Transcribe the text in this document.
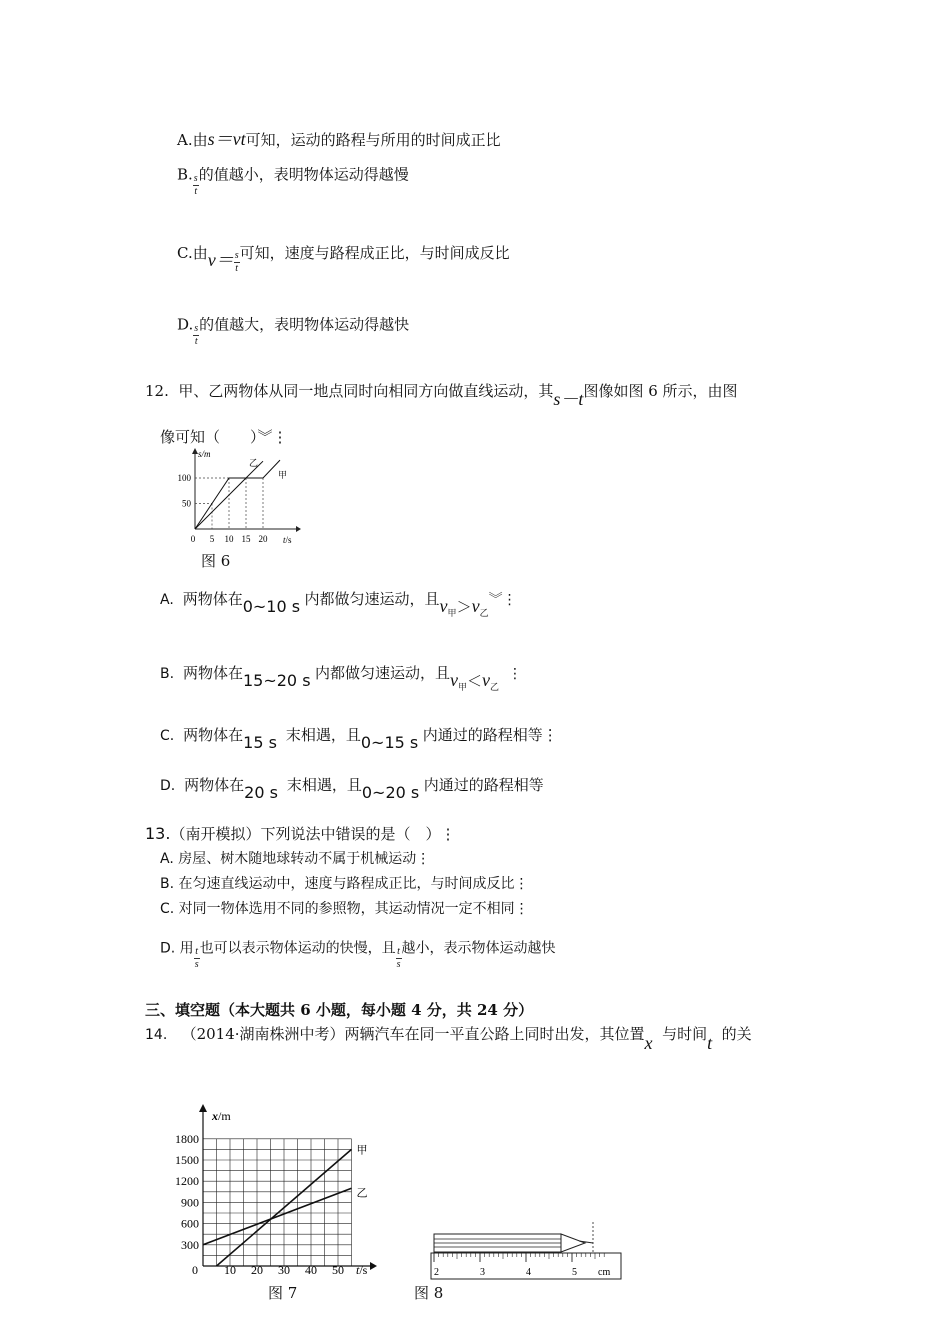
A.由s＝vt可知，运动的路程与所用的时间成正比
B. $\frac{s}{t}$ 的值越小，表明物体运动得越慢
C.由$v= \frac{s}{t}$ 可知，速度与路程成正比，与时间成反比
D. $\frac{s}{t}$ 的值越大，表明物体运动得越快
12. 甲、乙两物体从同一地点同时向相同方向做直线运动，其s－t图像如图 6 所示，由图
像可知（　　）︾⋮
s/m
t/s
100
50
0 5 10 15 20
甲
乙
图 6
A. 两物体在0~10 s 内都做匀速运动，且$v_甲>v_乙︾⋮$
B. 两物体在15~20 s 内都做匀速运动，且$v_甲<v_乙$  ⋮
C. 两物体在15 s 末相遇，且0~15 s 内通过的路程相等⋮
D. 两物体在20 s 末相遇，且0~20 s 内通过的路程相等
13.（南开模拟）下列说法中错误的是（　）⋮
A. 房屋、树木随地球转动不属于机械运动⋮
B. 在匀速直线运动中，速度与路程成正比，与时间成反比⋮
C. 对同一物体选用不同的参照物，其运动情况一定不相同⋮
D. 用 $\frac{t}{s}$ 也可以表示物体运动的快慢，且 $\frac{t}{s}$ 越小，表示物体运动越快
三、填空题（本大题共 6 小题，每小题 4 分，共 24 分）
14. （2014·湖南株洲中考）两辆汽车在同一平直公路上同时出发，其位置x 与时间t 的关
x/m
t/s
1800
1500
1200
900
600
300
0 10 20 30 40 50
甲
乙
图 7
2	3	4	5 cm
图 8
